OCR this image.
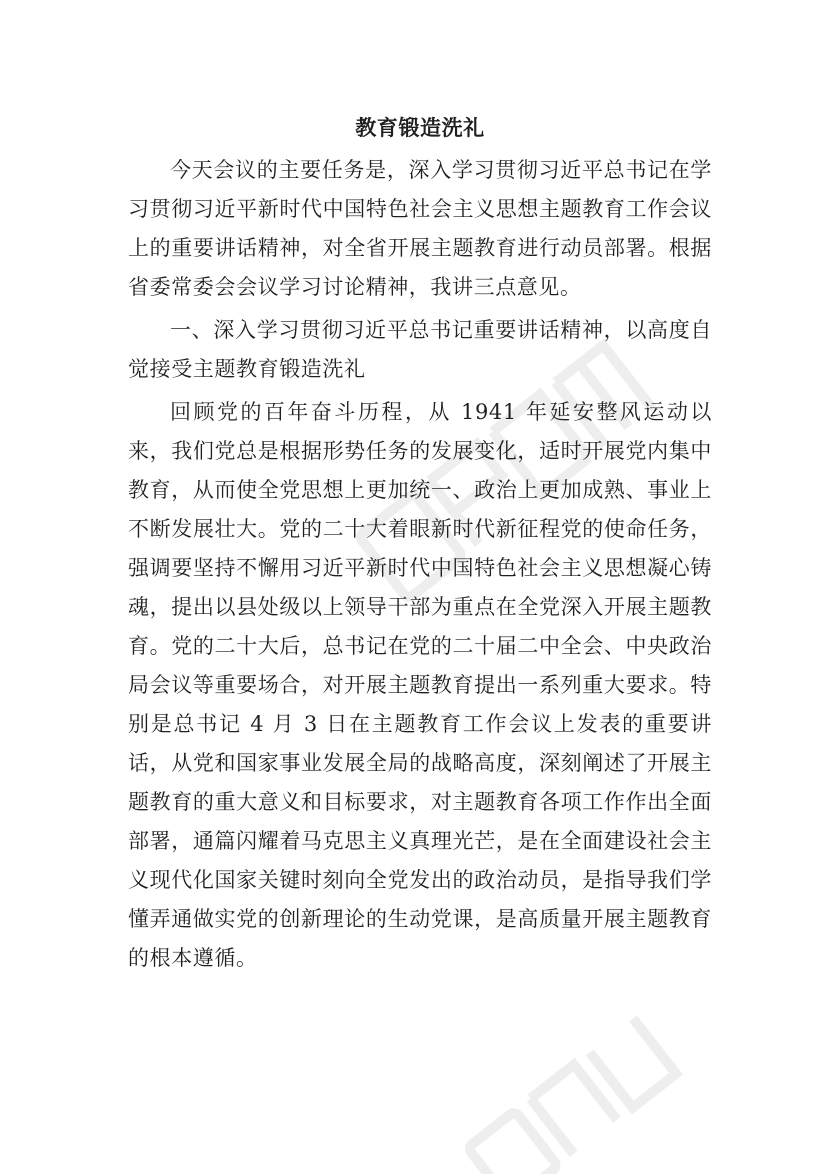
教育锻造洗礼

今天会议的主要任务是，深入学习贯彻习近平总书记在学习贯彻习近平新时代中国特色社会主义思想主题教育工作会议上的重要讲话精神，对全省开展主题教育进行动员部署。根据省委常委会会议学习讨论精神，我讲三点意见。

一、深入学习贯彻习近平总书记重要讲话精神，以高度自觉接受主题教育锻造洗礼

回顾党的百年奋斗历程，从 1941 年延安整风运动以来，我们党总是根据形势任务的发展变化，适时开展党内集中教育，从而使全党思想上更加统一、政治上更加成熟、事业上不断发展壮大。党的二十大着眼新时代新征程党的使命任务，强调要坚持不懈用习近平新时代中国特色社会主义思想凝心铸魂，提出以县处级以上领导干部为重点在全党深入开展主题教育。党的二十大后，总书记在党的二十届二中全会、中央政治局会议等重要场合，对开展主题教育提出一系列重大要求。特别是总书记 4 月 3 日在主题教育工作会议上发表的重要讲话，从党和国家事业发展全局的战略高度，深刻阐述了开展主题教育的重大意义和目标要求，对主题教育各项工作作出全面部署，通篇闪耀着马克思主义真理光芒，是在全面建设社会主义现代化国家关键时刻向全党发出的政治动员，是指导我们学懂弄通做实党的创新理论的生动党课，是高质量开展主题教育的根本遵循。
